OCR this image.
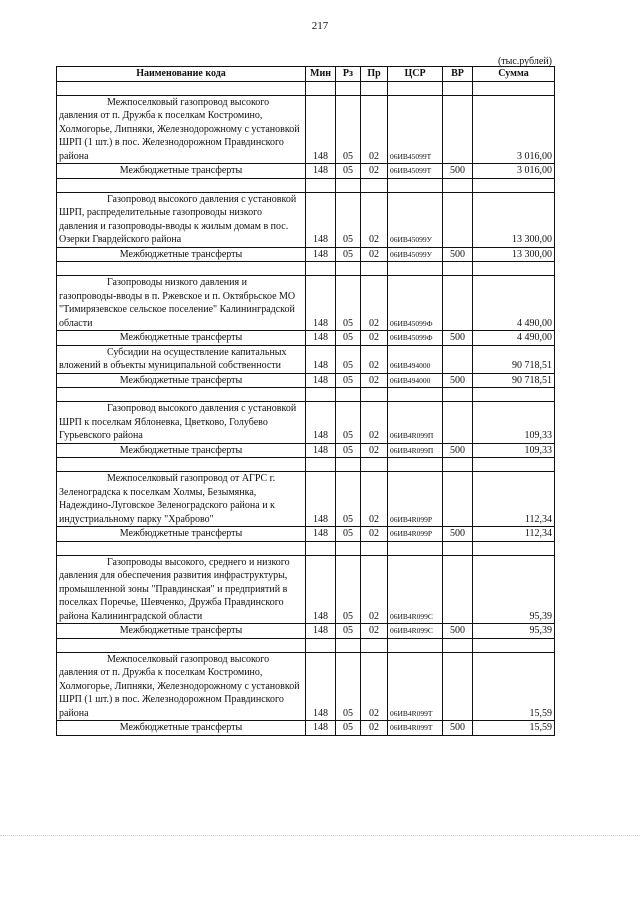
217
(тыс.рублей)
Наименование кода	Мин	Рз	Пр	ЦСР	ВР	Сумма

Межпоселковый газопровод высокого давления от п. Дружба к поселкам Костромино, Холмогорье, Липняки, Железнодорожному с установкой ШРП (1 шт.) в пос. Железнодорожном Правдинского района	148	05	02	06ИВ45099Т		3 016,00
Межбюджетные трансферты	148	05	02	06ИВ45099Т	500	3 016,00

Газопровод высокого давления с установкой ШРП, распределительные газопроводы низкого давления и газопроводы-вводы к жилым домам в пос. Озерки Гвардейского района	148	05	02	06ИВ45099У		13 300,00
Межбюджетные трансферты	148	05	02	06ИВ45099У	500	13 300,00

Газопроводы низкого давления и газопроводы-вводы в п. Ржевское и п. Октябрьское МО "Тимирязевское сельское поселение" Калининградской области	148	05	02	06ИВ45099Ф		4 490,00
Межбюджетные трансферты	148	05	02	06ИВ45099Ф	500	4 490,00
Субсидии на осуществление капитальных вложений в объекты муниципальной собственности	148	05	02	06ИВ494000		90 718,51
Межбюджетные трансферты	148	05	02	06ИВ494000	500	90 718,51

Газопровод высокого давления с установкой ШРП к поселкам Яблоневка, Цветково, Голубево Гурьевского района	148	05	02	06ИВ4R099П		109,33
Межбюджетные трансферты	148	05	02	06ИВ4R099П	500	109,33

Межпоселковый газопровод от АГРС г. Зеленоградска к поселкам Холмы, Безымянка, Надеждино-Луговское Зеленоградского района и к индустриальному парку "Храброво"	148	05	02	06ИВ4R099Р		112,34
Межбюджетные трансферты	148	05	02	06ИВ4R099Р	500	112,34

Газопроводы высокого, среднего и низкого давления для обеспечения развития инфраструктуры, промышленной зоны "Правдинская" и предприятий в поселках Поречье, Шевченко, Дружба Правдинского района Калининградской области	148	05	02	06ИВ4R099С		95,39
Межбюджетные трансферты	148	05	02	06ИВ4R099С	500	95,39

Межпоселковый газопровод высокого давления от п. Дружба к поселкам Костромино, Холмогорье, Липняки, Железнодорожному с установкой ШРП (1 шт.) в пос. Железнодорожном Правдинского района	148	05	02	06ИВ4R099Т		15,59
Межбюджетные трансферты	148	05	02	06ИВ4R099Т	500	15,59
